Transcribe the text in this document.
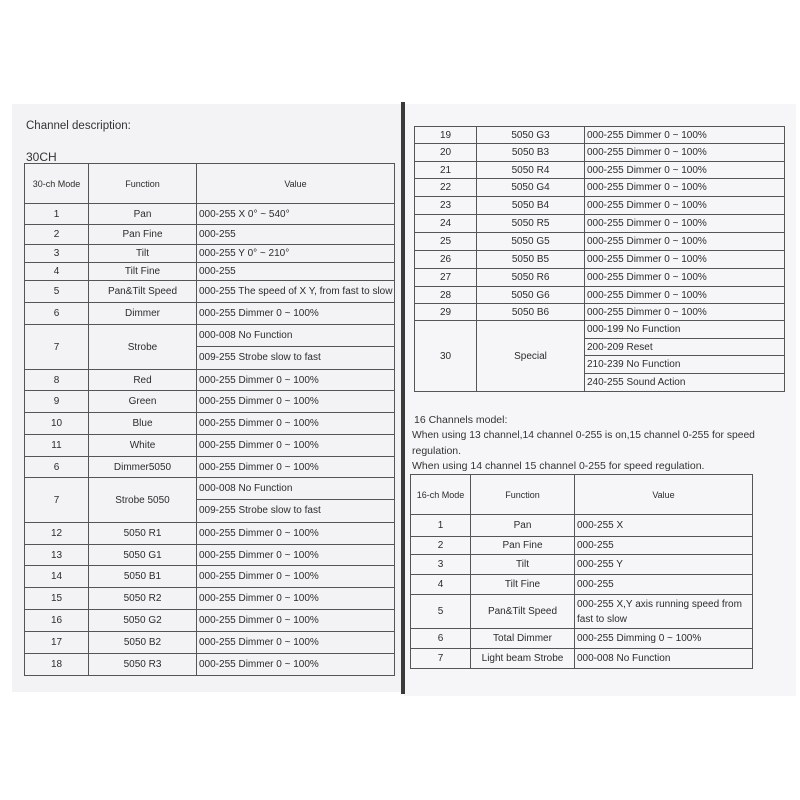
Channel description:
30CH
30-ch Mode	Function	Value
1	Pan	000-255 X 0° ~ 540°
2	Pan Fine	000-255
3	Tilt	000-255 Y 0° ~ 210°
4	Tilt Fine	000-255
5	Pan&Tilt Speed	000-255 The speed of X Y, from fast to slow
6	Dimmer	000-255 Dimmer 0 ~ 100%
7	Strobe	000-008 No Function
009-255 Strobe slow to fast

8	Red	000-255 Dimmer 0 ~ 100%
9	Green	000-255 Dimmer 0 ~ 100%
10	Blue	000-255 Dimmer 0 ~ 100%
11	White	000-255 Dimmer 0 ~ 100%
6	Dimmer5050	000-255 Dimmer 0 ~ 100%
7	Strobe 5050	000-008 No Function
009-255 Strobe slow to fast

12	5050 R1	000-255 Dimmer 0 ~ 100%
13	5050 G1	000-255 Dimmer 0 ~ 100%
14	5050 B1	000-255 Dimmer 0 ~ 100%
15	5050 R2	000-255 Dimmer 0 ~ 100%
16	5050 G2	000-255 Dimmer 0 ~ 100%
17	5050 B2	000-255 Dimmer 0 ~ 100%
18	5050 R3	000-255 Dimmer 0 ~ 100%
19	5050 G3	000-255 Dimmer 0 ~ 100%
20	5050 B3	000-255 Dimmer 0 ~ 100%
21	5050 R4	000-255 Dimmer 0 ~ 100%
22	5050 G4	000-255 Dimmer 0 ~ 100%
23	5050 B4	000-255 Dimmer 0 ~ 100%
24	5050 R5	000-255 Dimmer 0 ~ 100%
25	5050 G5	000-255 Dimmer 0 ~ 100%
26	5050 B5	000-255 Dimmer 0 ~ 100%
27	5050 R6	000-255 Dimmer 0 ~ 100%
28	5050 G6	000-255 Dimmer 0 ~ 100%
29	5050 B6	000-255 Dimmer 0 ~ 100%
30	Special	000-199 No Function
200-209 Reset
210-239 No Function
240-255 Sound Action
16 Channels model:
When using 13 channel,14 channel 0-255 is on,15 channel 0-255 for speed
regulation.
When using 14 channel 15 channel 0-255 for speed regulation.
16-ch Mode	Function	Value
1	Pan	000-255 X
2	Pan Fine	000-255
3	Tilt	000-255 Y
4	Tilt Fine	000-255
5	Pan&Tilt Speed	000-255 X,Y axis running speed from
fast to slow

6	Total Dimmer	000-255 Dimming 0 ~ 100%
7	Light beam Strobe	000-008 No Function
